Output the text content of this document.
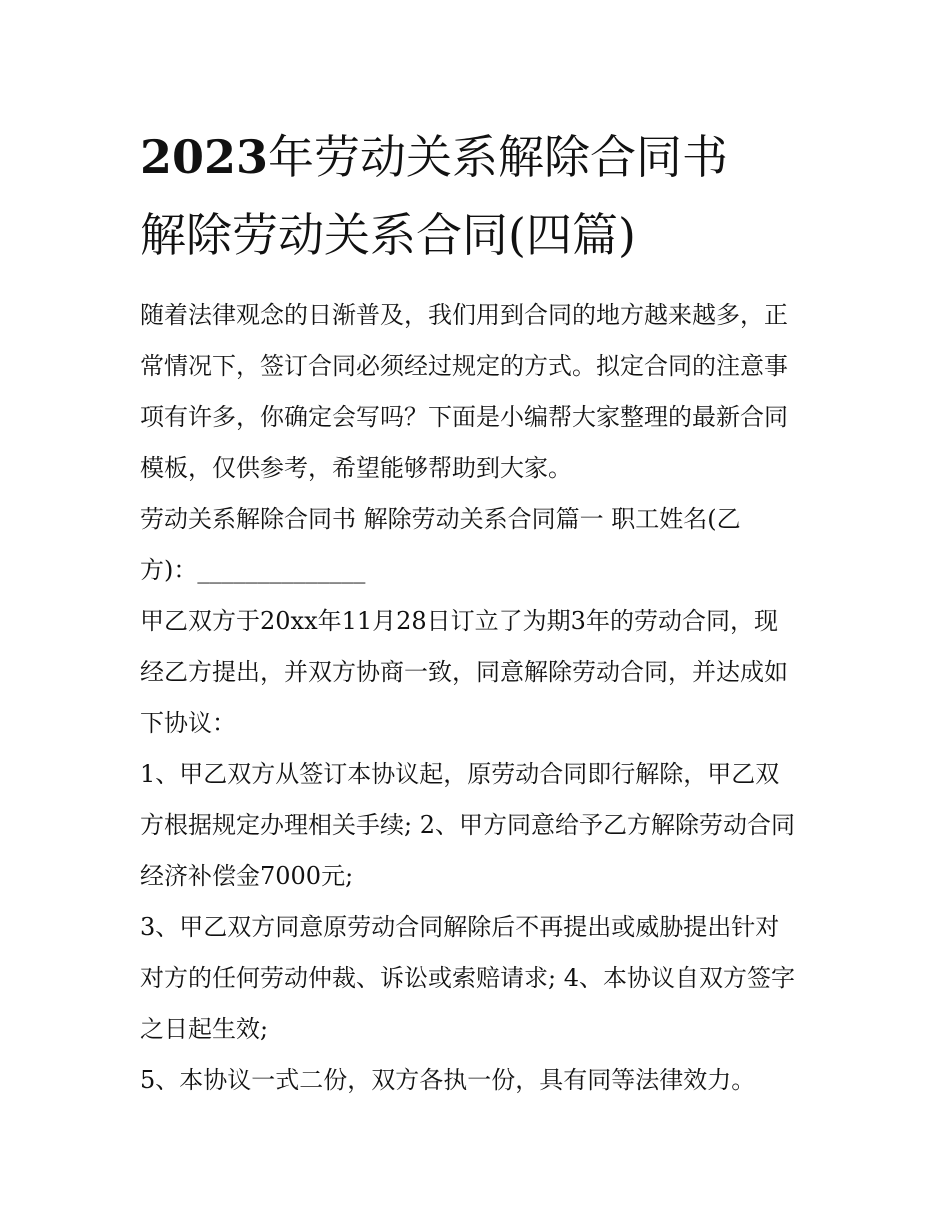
2023年劳动关系解除合同书
解除劳动关系合同(四篇)

随着法律观念的日渐普及，我们用到合同的地方越来越多，正
常情况下，签订合同必须经过规定的方式。拟定合同的注意事
项有许多，你确定会写吗？下面是小编帮大家整理的最新合同
模板，仅供参考，希望能够帮助到大家。

劳动关系解除合同书 解除劳动关系合同篇一 职工姓名(乙
方)：______________

甲乙双方于20xx年11月28日订立了为期3年的劳动合同，现
经乙方提出，并双方协商一致，同意解除劳动合同，并达成如
下协议：

1、甲乙双方从签订本协议起，原劳动合同即行解除，甲乙双
方根据规定办理相关手续; 2、甲方同意给予乙方解除劳动合同
经济补偿金7000元;

3、甲乙双方同意原劳动合同解除后不再提出或威胁提出针对
对方的任何劳动仲裁、诉讼或索赔请求; 4、本协议自双方签字
之日起生效;

5、本协议一式二份，双方各执一份，具有同等法律效力。
